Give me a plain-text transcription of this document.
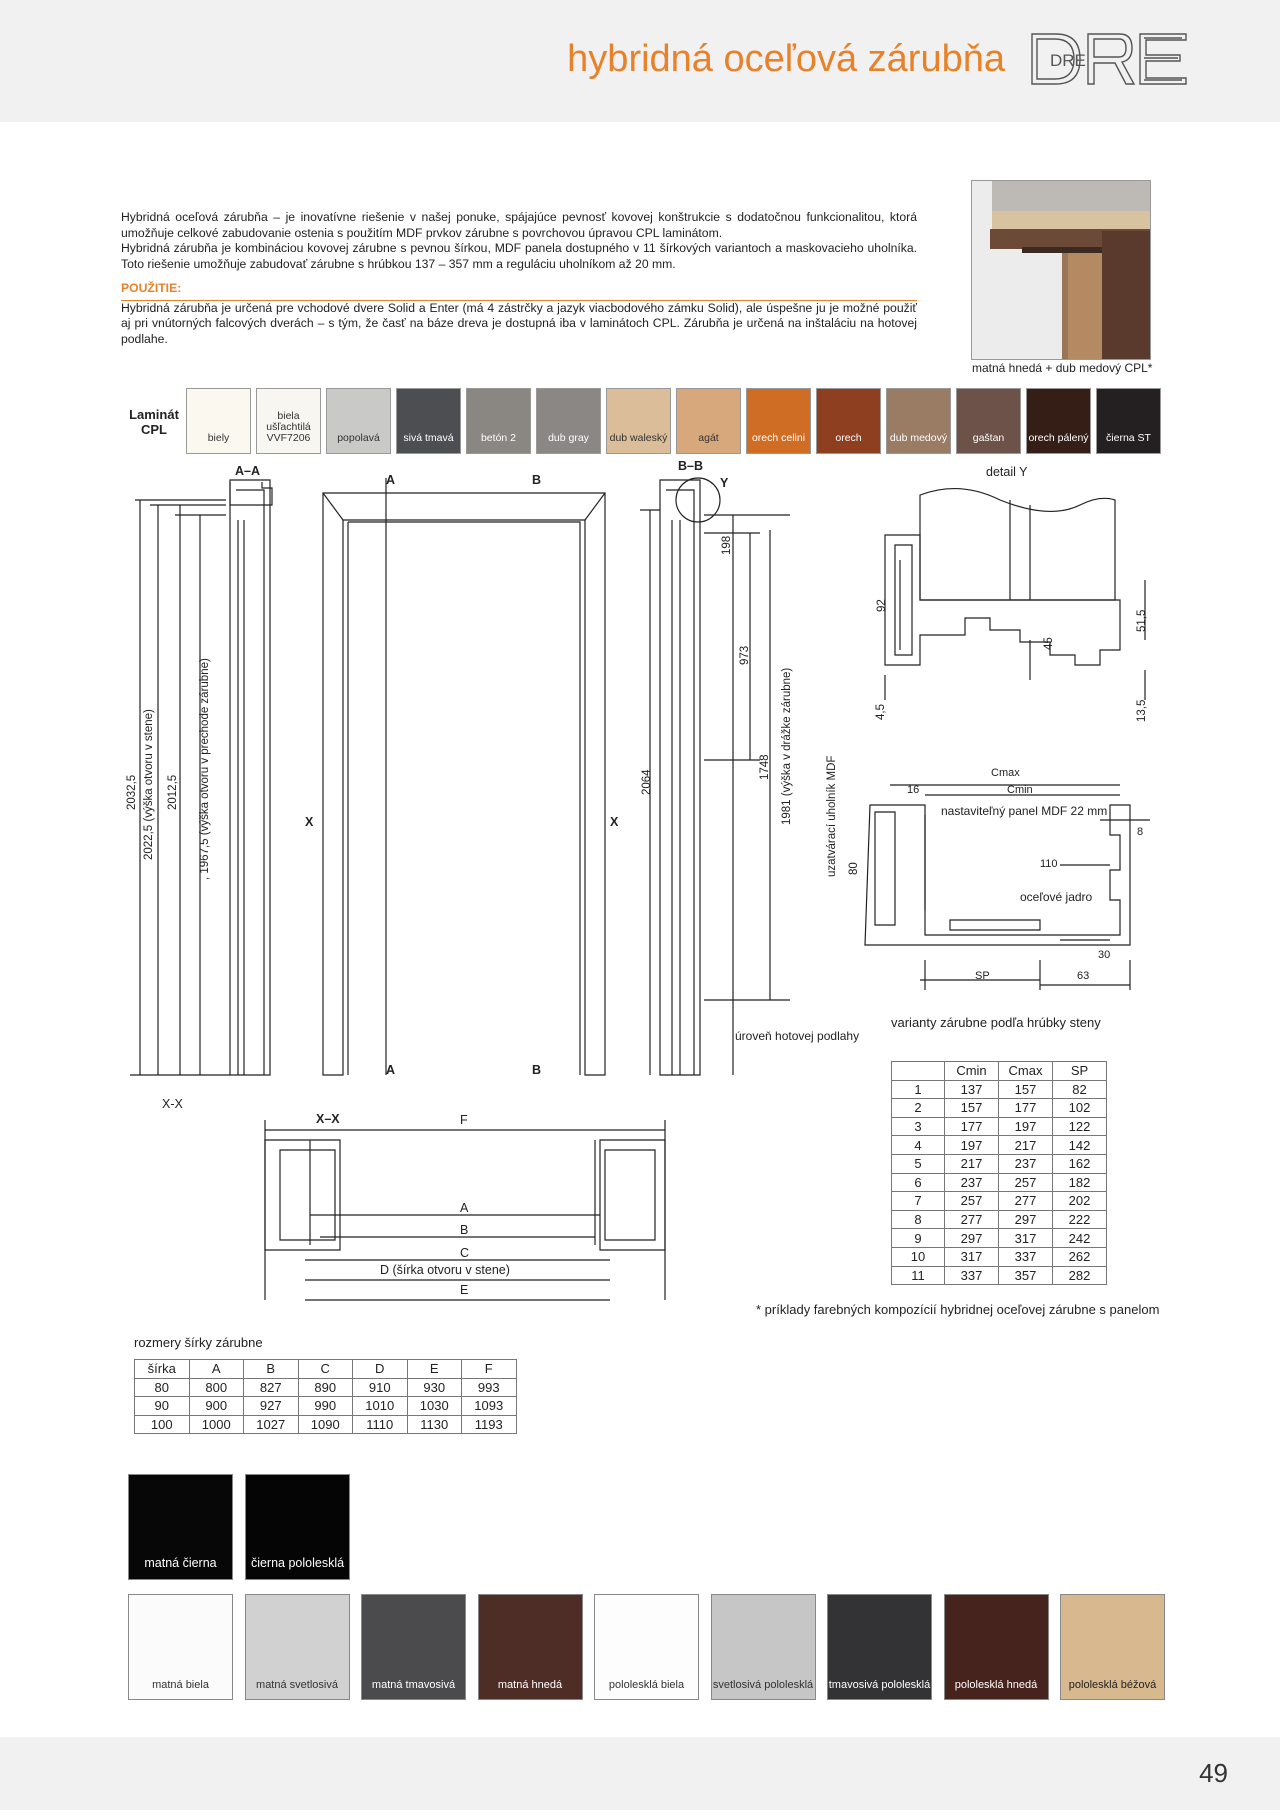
hybridná oceľová zárubňa	DRE

Hybridná oceľová zárubňa – je inovatívne riešenie v našej ponuke, spájajúce pevnosť kovovej konštrukcie s dodatočnou funkcionalitou, ktorá umožňuje celkové zabudovanie ostenia s použitím MDF prvkov zárubne s povrchovou úpravou CPL laminátom.

Hybridná zárubňa je kombináciou kovovej zárubne s pevnou šírkou, MDF panela dostupného v 11 šírkových variantoch a maskovacieho uholníka. Toto riešenie umožňuje zabudovať zárubne s hrúbkou 137 – 357 mm a reguláciu uholníkom až 20 mm.

POUŽITIE:

Hybridná zárubňa je určená pre vchodové dvere Solid a Enter (má 4 zástrčky a jazyk viacbodového zámku Solid), ale úspešne ju je možné použiť aj pri vnútorných falcových dverách – s tým, že časť na báze dreva je dostupná iba v laminátoch CPL. Zárubňa je určená na inštaláciu na hotovej podlahe.

matná hnedá + dub medový CPL*
Laminát CPL
biely
biela ušľachtilá VVF7206	popolavá	sivá tmavá	betón 2	dub gray	dub waleský	agát	orech celini	orech	dub medový	gaštan	orech pálený	čierna ST
A–A	B–B
Y
A	B
A	B
X	X
X-X
X–X	F
A
B
C
D (šírka otvoru v stene)
E
detail Y
úroveň hotovej podlahy
Cmax
Cmin
16
8
110
30
63
SP
nastaviteľný panel MDF 22 mm
oceľové jadro
2032,5 2022,5 (výška otvoru v stene) 2012,5 , 1967,5 (výška otvoru v prechode zárubne)	2064
198
973
1748 1981 (výška v drážke zárubne)
92
45
51,5
4,5	13,5
uzatvárací uholník MDF 80
varianty zárubne podľa hrúbky steny
	Cmin	Cmax	SP
1	137	157	82
2	157	177	102
3	177	197	122
4	197	217	142
5	217	237	162
6	237	257	182
7	257	277	202
8	277	297	222
9	297	317	242
10	317	337	262
11	337	357	282
* príklady farebných kompozícií hybridnej oceľovej zárubne s panelom
rozmery šírky zárubne
šírka	A	B	C	D	E	F
80	800	827	890	910	930	993
90	900	927	990	1010	1030	1093
100	1000	1027	1090	1110	1130	1193
matná čierna	čierna pololesklá
matná biela	matná svetlosivá	matná tmavosivá	matná hnedá	pololesklá biela	svetlosivá pololesklá tmavosivá pololesklá	pololesklá hnedá	pololesklá béžová
49
